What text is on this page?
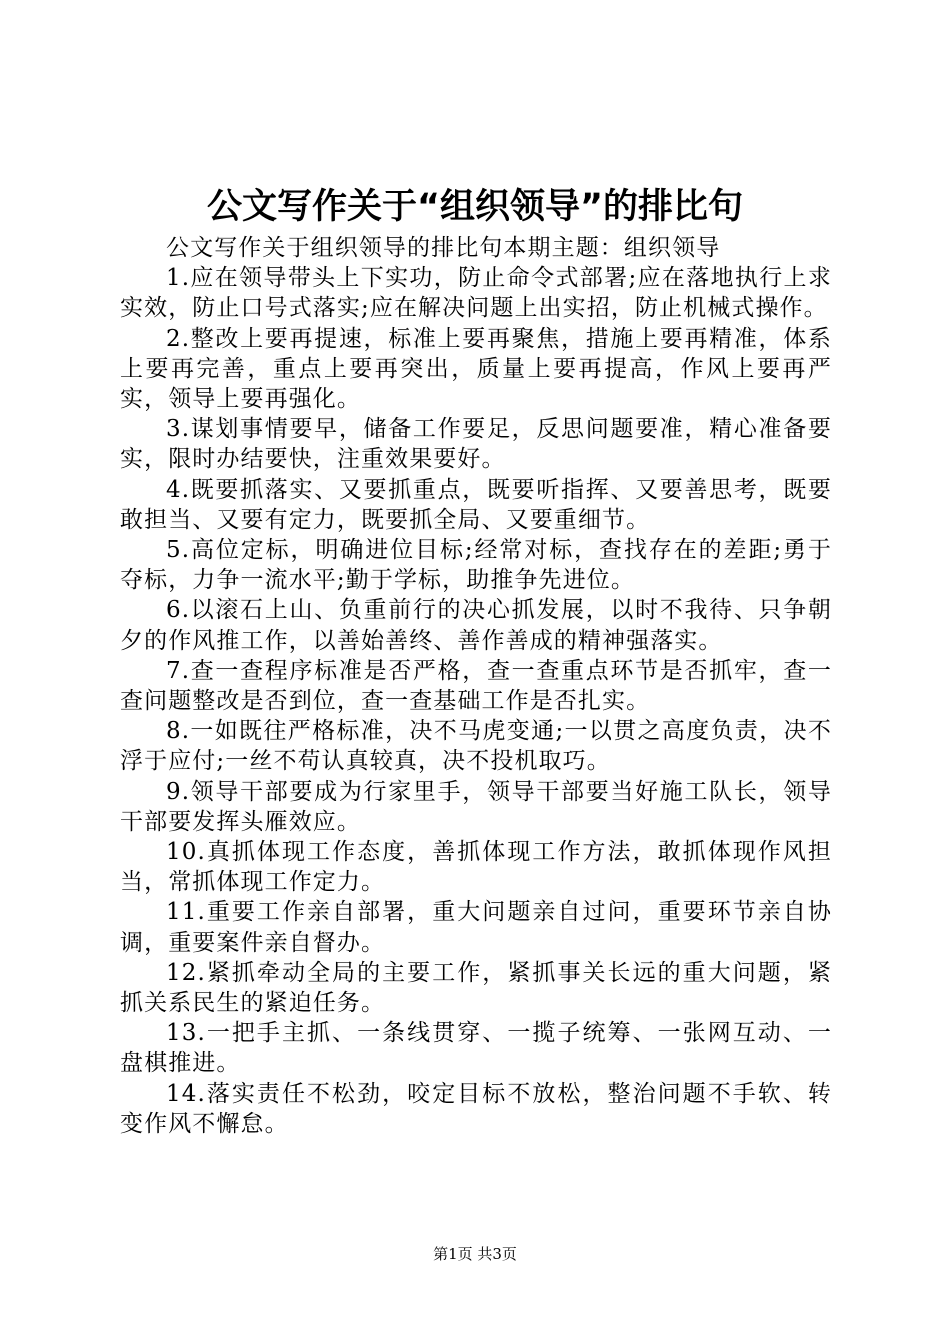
公文写作关于“组织领导”的排比句

公文写作关于组织领导的排比句本期主题：组织领导

1.应在领导带头上下实功，防止命令式部署;应在落地执行上求实效，防止口号式落实;应在解决问题上出实招，防止机械式操作。

2.整改上要再提速，标准上要再聚焦，措施上要再精准，体系上要再完善，重点上要再突出，质量上要再提高，作风上要再严实，领导上要再强化。

3.谋划事情要早，储备工作要足，反思问题要准，精心准备要实，限时办结要快，注重效果要好。

4.既要抓落实、又要抓重点，既要听指挥、又要善思考，既要敢担当、又要有定力，既要抓全局、又要重细节。

5.高位定标，明确进位目标;经常对标，查找存在的差距;勇于夺标，力争一流水平;勤于学标，助推争先进位。

6.以滚石上山、负重前行的决心抓发展，以时不我待、只争朝夕的作风推工作，以善始善终、善作善成的精神强落实。

7.查一查程序标准是否严格，查一查重点环节是否抓牢，查一查问题整改是否到位，查一查基础工作是否扎实。

8.一如既往严格标准，决不马虎变通;一以贯之高度负责，决不浮于应付;一丝不苟认真较真，决不投机取巧。

9.领导干部要成为行家里手，领导干部要当好施工队长，领导干部要发挥头雁效应。

10.真抓体现工作态度，善抓体现工作方法，敢抓体现作风担当，常抓体现工作定力。

11.重要工作亲自部署，重大问题亲自过问，重要环节亲自协调，重要案件亲自督办。

12.紧抓牵动全局的主要工作，紧抓事关长远的重大问题，紧抓关系民生的紧迫任务。

13.一把手主抓、一条线贯穿、一揽子统筹、一张网互动、一盘棋推进。

14.落实责任不松劲，咬定目标不放松，整治问题不手软、转变作风不懈怠。

第1页 共3页
